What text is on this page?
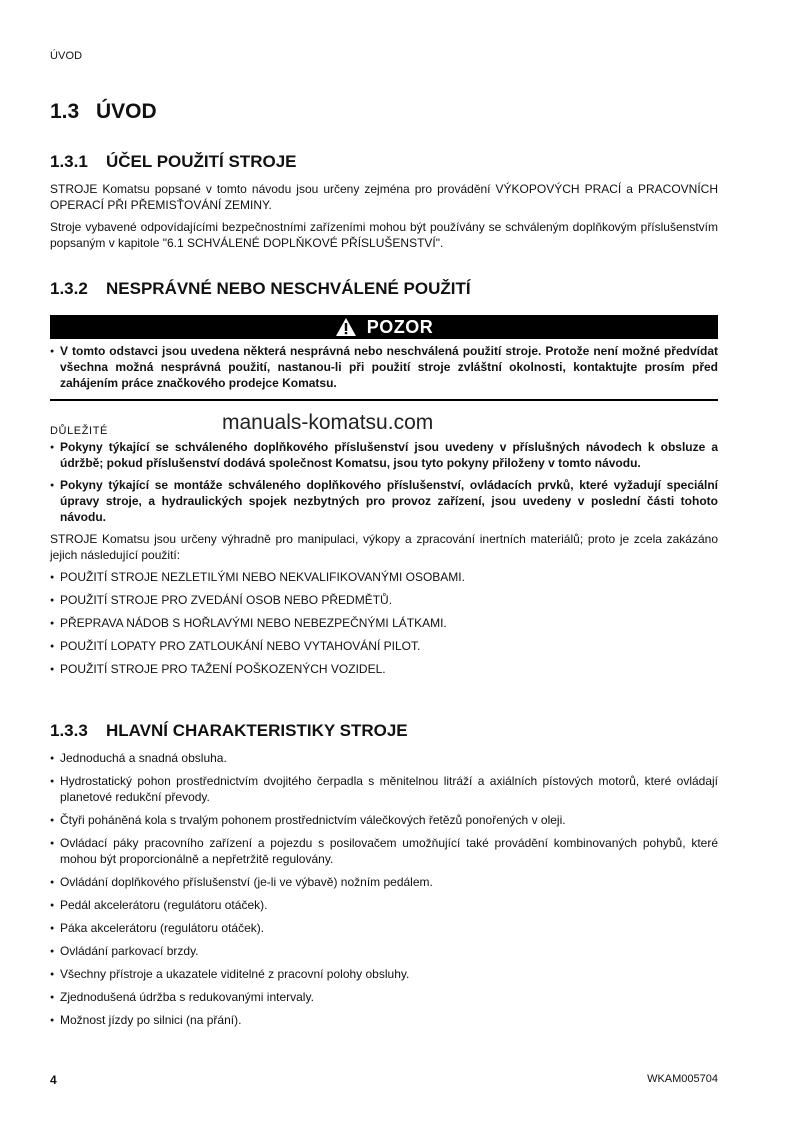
ÚVOD
1.3 ÚVOD
1.3.1 ÚČEL POUŽITÍ STROJE

STROJE Komatsu popsané v tomto návodu jsou určeny zejména pro provádění VÝKOPOVÝCH PRACÍ a PRACOVNÍCH OPERACÍ PŘI PŘEMISŤOVÁNÍ ZEMINY.

Stroje vybavené odpovídajícími bezpečnostními zařízeními mohou být používány se schváleným doplňkovým příslušenstvím popsaným v kapitole "6.1 SCHVÁLENÉ DOPLŇKOVÉ PŘÍSLUŠENSTVÍ".

1.3.2 NESPRÁVNÉ NEBO NESCHVÁLENÉ POUŽITÍ
POZOR
● V tomto odstavci jsou uvedena některá nesprávná nebo neschválená použití stroje. Protože není možné předvídat všechna možná nesprávná použití, nastanou-li při použití stroje zvláštní okolnosti, kontaktujte prosím před zahájením práce značkového prodejce Komatsu.
manuals-komatsu.com
DŮLEŽITÉ
● Pokyny týkající se schváleného doplňkového příslušenství jsou uvedeny v příslušných návodech k obsluze a údržbě; pokud příslušenství dodává společnost Komatsu, jsou tyto pokyny přiloženy v tomto návodu.
● Pokyny týkající se montáže schváleného doplňkového příslušenství, ovládacích prvků, které vyžadují speciální úpravy stroje, a hydraulických spojek nezbytných pro provoz zařízení, jsou uvedeny v poslední části tohoto návodu.

STROJE Komatsu jsou určeny výhradně pro manipulaci, výkopy a zpracování inertních materiálů; proto je zcela zakázáno jejich následující použití:

● POUŽITÍ STROJE NEZLETILÝMI NEBO NEKVALIFIKOVANÝMI OSOBAMI.
● POUŽITÍ STROJE PRO ZVEDÁNÍ OSOB NEBO PŘEDMĚTŮ.
● PŘEPRAVA NÁDOB S HOŘLAVÝMI NEBO NEBEZPEČNÝMI LÁTKAMI.
● POUŽITÍ LOPATY PRO ZATLOUKÁNÍ NEBO VYTAHOVÁNÍ PILOT.
● POUŽITÍ STROJE PRO TAŽENÍ POŠKOZENÝCH VOZIDEL.
1.3.3 HLAVNÍ CHARAKTERISTIKY STROJE
● Jednoduchá a snadná obsluha.
● Hydrostatický pohon prostřednictvím dvojitého čerpadla s měnitelnou litráží a axiálních pístových motorů, které ovládají planetové redukční převody.
● Čtyři poháněná kola s trvalým pohonem prostřednictvím válečkových řetězů ponořených v oleji.
● Ovládací páky pracovního zařízení a pojezdu s posilovačem umožňující také provádění kombinovaných pohybů, které mohou být proporcionálně a nepřetržitě regulovány.
● Ovládání doplňkového příslušenství (je-li ve výbavě) nožním pedálem.
● Pedál akcelerátoru (regulátoru otáček).
● Páka akcelerátoru (regulátoru otáček).
● Ovládání parkovací brzdy.
● Všechny přístroje a ukazatele viditelné z pracovní polohy obsluhy.
● Zjednodušená údržba s redukovanými intervaly.
● Možnost jízdy po silnici (na přání).
4	WKAM005704
